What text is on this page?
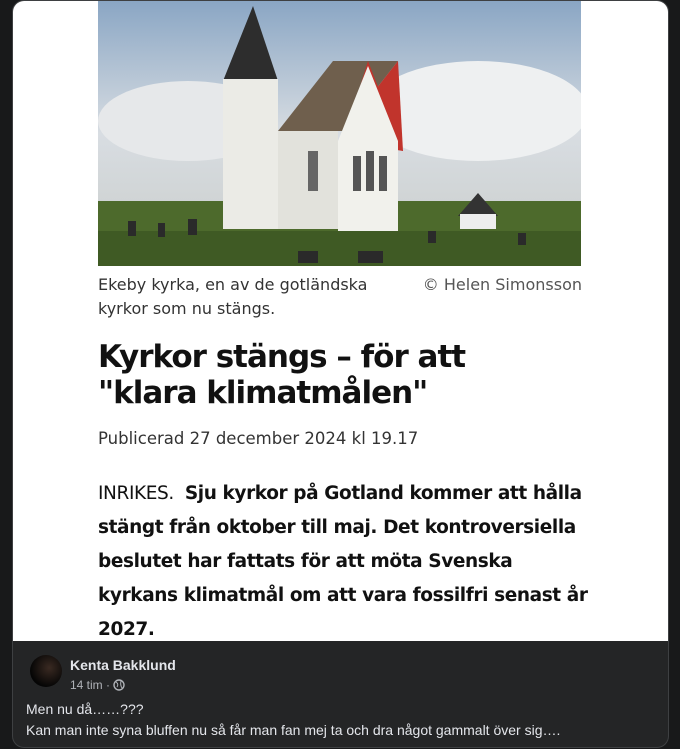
Ekeby kyrka, en av de gotländska kyrkor som nu stängs.
© Helen Simonsson
Kyrkor stängs – för att
"klara klimatmålen"
Publicerad 27 december 2024 kl 19.17
INRIKES. Sju kyrkor på Gotland kommer att hålla stängt från oktober till maj. Det kontroversiella beslutet har fattats för att möta Svenska kyrkans klimatmål om att vara fossilfri senast år 2027.
Kenta Bakklund
14 tim ·
Men nu då……???
Kan man inte syna bluffen nu så får man fan mej ta och dra något gammalt över sig….
